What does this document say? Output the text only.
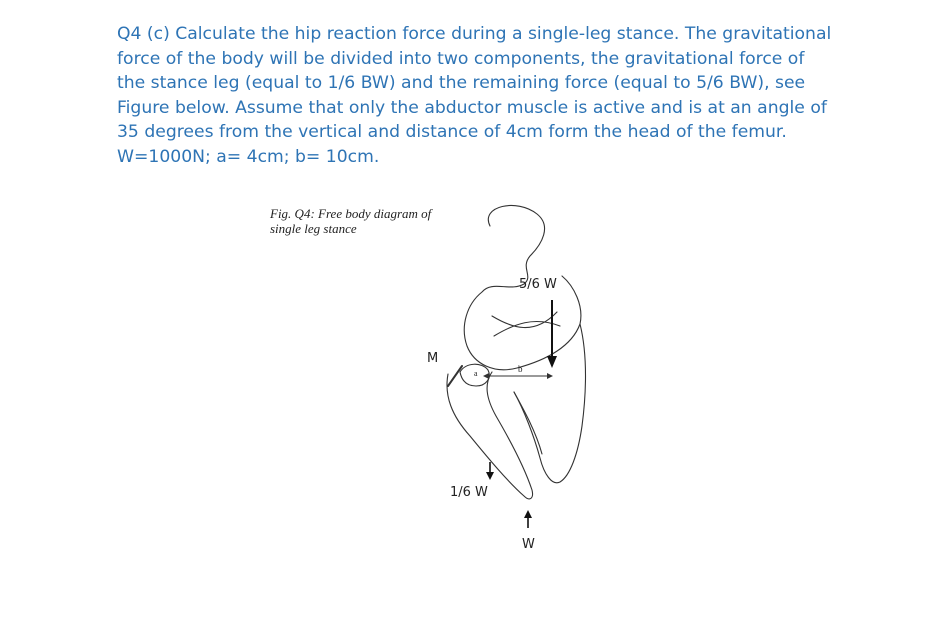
Q4 (c) Calculate the hip reaction force during a single-leg stance. The gravitational force of the body will be divided into two components, the gravitational force of the stance leg (equal to 1/6 BW) and the remaining force (equal to 5/6 BW), see Figure below. Assume that only the abductor muscle is active and is at an angle of 35 degrees from the vertical and distance of 4cm form the head of the femur. W=1000N; a= 4cm; b= 10cm.

Fig. Q4: Free body diagram of single leg stance
5/6 W
1/6 W
W
M
a	b
